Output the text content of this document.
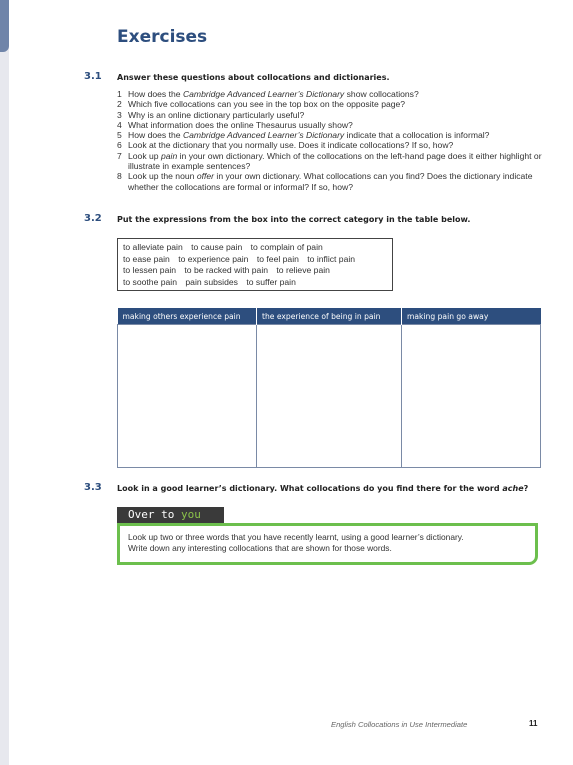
Exercises
3.1 Answer these questions about collocations and dictionaries.
1 How does the Cambridge Advanced Learner’s Dictionary show collocations?
2 Which five collocations can you see in the top box on the opposite page?
3 Why is an online dictionary particularly useful?
4 What information does the online Thesaurus usually show?
5 How does the Cambridge Advanced Learner’s Dictionary indicate that a collocation is informal?
6 Look at the dictionary that you normally use. Does it indicate collocations? If so, how?
7 Look up pain in your own dictionary. Which of the collocations on the left-hand page does it either highlight or illustrate in example sentences?
8 Look up the noun offer in your own dictionary. What collocations can you find? Does the dictionary indicate whether the collocations are formal or informal? If so, how?
3.2 Put the expressions from the box into the correct category in the table below.
to alleviate pain to cause pain to complain of pain
to ease pain to experience pain to feel pain to inflict pain
to lessen pain to be racked with pain to relieve pain
to soothe pain pain subsides to suffer pain
making others experience pain	the experience of being in pain	making pain go away

3.3 Look in a good learner’s dictionary. What collocations do you find there for the word ache?
Over to you
Look up two or three words that you have recently learnt, using a good learner’s dictionary.
Write down any interesting collocations that are shown for those words.
English Collocations in Use Intermediate	11
